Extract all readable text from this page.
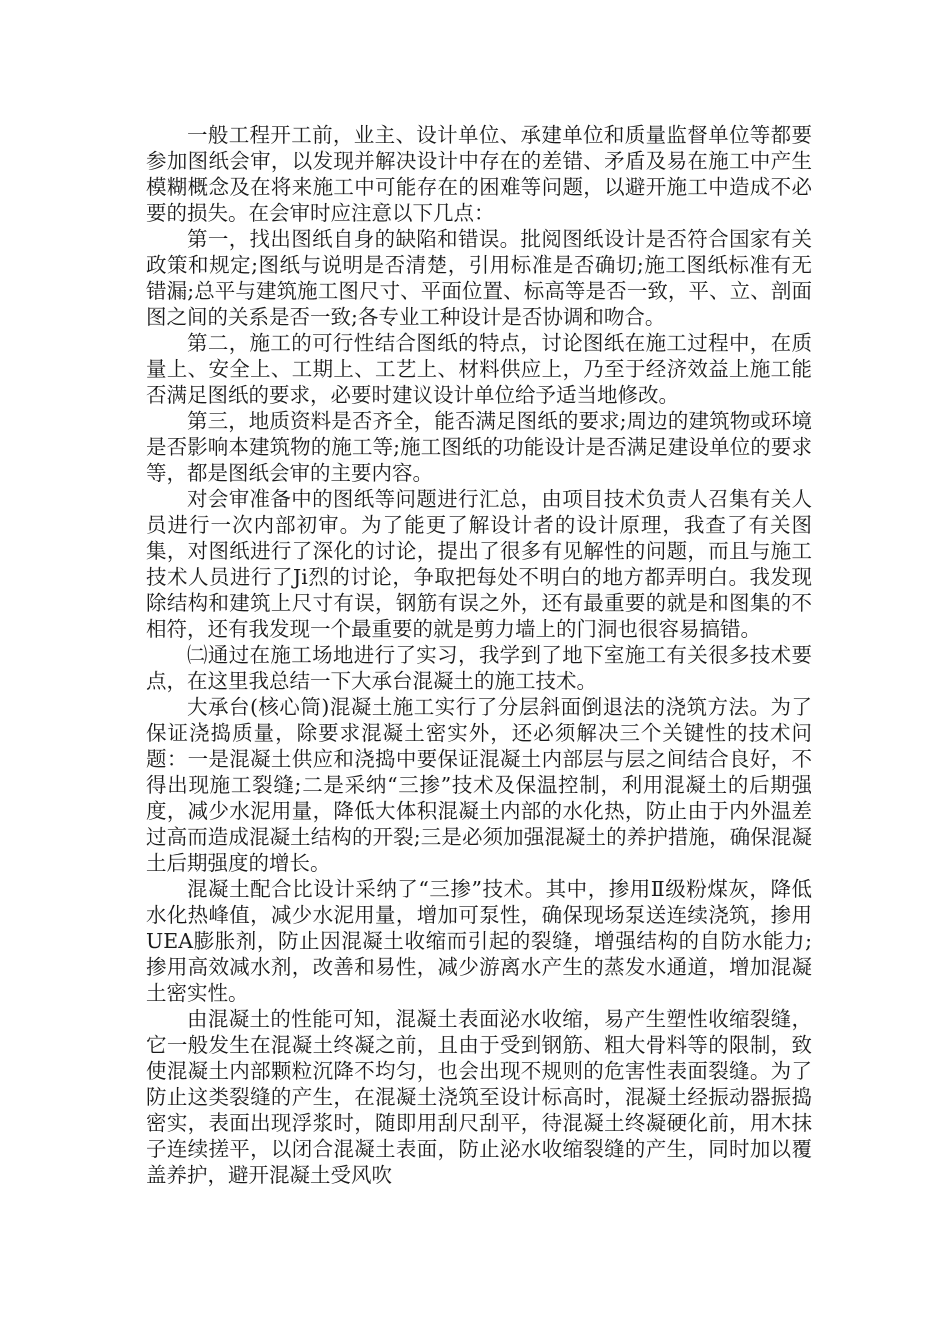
一般工程开工前，业主、设计单位、承建单位和质量监督单位等都要参加图纸会审，以发现并解决设计中存在的差错、矛盾及易在施工中产生模糊概念及在将来施工中可能存在的困难等问题，以避开施工中造成不必要的损失。在会审时应注意以下几点：

第一，找出图纸自身的缺陷和错误。批阅图纸设计是否符合国家有关政策和规定;图纸与说明是否清楚，引用标准是否确切;施工图纸标准有无错漏;总平与建筑施工图尺寸、平面位置、标高等是否一致，平、立、剖面图之间的关系是否一致;各专业工种设计是否协调和吻合。

第二，施工的可行性结合图纸的特点，讨论图纸在施工过程中，在质量上、安全上、工期上、工艺上、材料供应上，乃至于经济效益上施工能否满足图纸的要求，必要时建议设计单位给予适当地修改。

第三，地质资料是否齐全，能否满足图纸的要求;周边的建筑物或环境是否影响本建筑物的施工等;施工图纸的功能设计是否满足建设单位的要求等，都是图纸会审的主要内容。

对会审准备中的图纸等问题进行汇总，由项目技术负责人召集有关人员进行一次内部初审。为了能更了解设计者的设计原理，我查了有关图集，对图纸进行了深化的讨论，提出了很多有见解性的问题，而且与施工技术人员进行了Ji烈的讨论，争取把每处不明白的地方都弄明白。我发现除结构和建筑上尺寸有误，钢筋有误之外，还有最重要的就是和图集的不相符，还有我发现一个最重要的就是剪力墙上的门洞也很容易搞错。

㈡通过在施工场地进行了实习，我学到了地下室施工有关很多技术要点，在这里我总结一下大承台混凝土的施工技术。

大承台(核心筒)混凝土施工实行了分层斜面倒退法的浇筑方法。为了保证浇捣质量，除要求混凝土密实外，还必须解决三个关键性的技术问题：一是混凝土供应和浇捣中要保证混凝土内部层与层之间结合良好，不得出现施工裂缝;二是采纳“三掺”技术及保温控制，利用混凝土的后期强度，减少水泥用量，降低大体积混凝土内部的水化热，防止由于内外温差过高而造成混凝土结构的开裂;三是必须加强混凝土的养护措施，确保混凝土后期强度的增长。

混凝土配合比设计采纳了“三掺”技术。其中，掺用Ⅱ级粉煤灰，降低水化热峰值，减少水泥用量，增加可泵性，确保现场泵送连续浇筑，掺用UEA膨胀剂，防止因混凝土收缩而引起的裂缝，增强结构的自防水能力;掺用高效减水剂，改善和易性，减少游离水产生的蒸发水通道，增加混凝土密实性。

由混凝土的性能可知，混凝土表面泌水收缩，易产生塑性收缩裂缝，它一般发生在混凝土终凝之前，且由于受到钢筋、粗大骨料等的限制，致使混凝土内部颗粒沉降不均匀，也会出现不规则的危害性表面裂缝。为了防止这类裂缝的产生，在混凝土浇筑至设计标高时，混凝土经振动器振捣密实，表面出现浮浆时，随即用刮尺刮平，待混凝土终凝硬化前，用木抹子连续搓平，以闭合混凝土表面，防止泌水收缩裂缝的产生，同时加以覆盖养护，避开混凝土受风吹
